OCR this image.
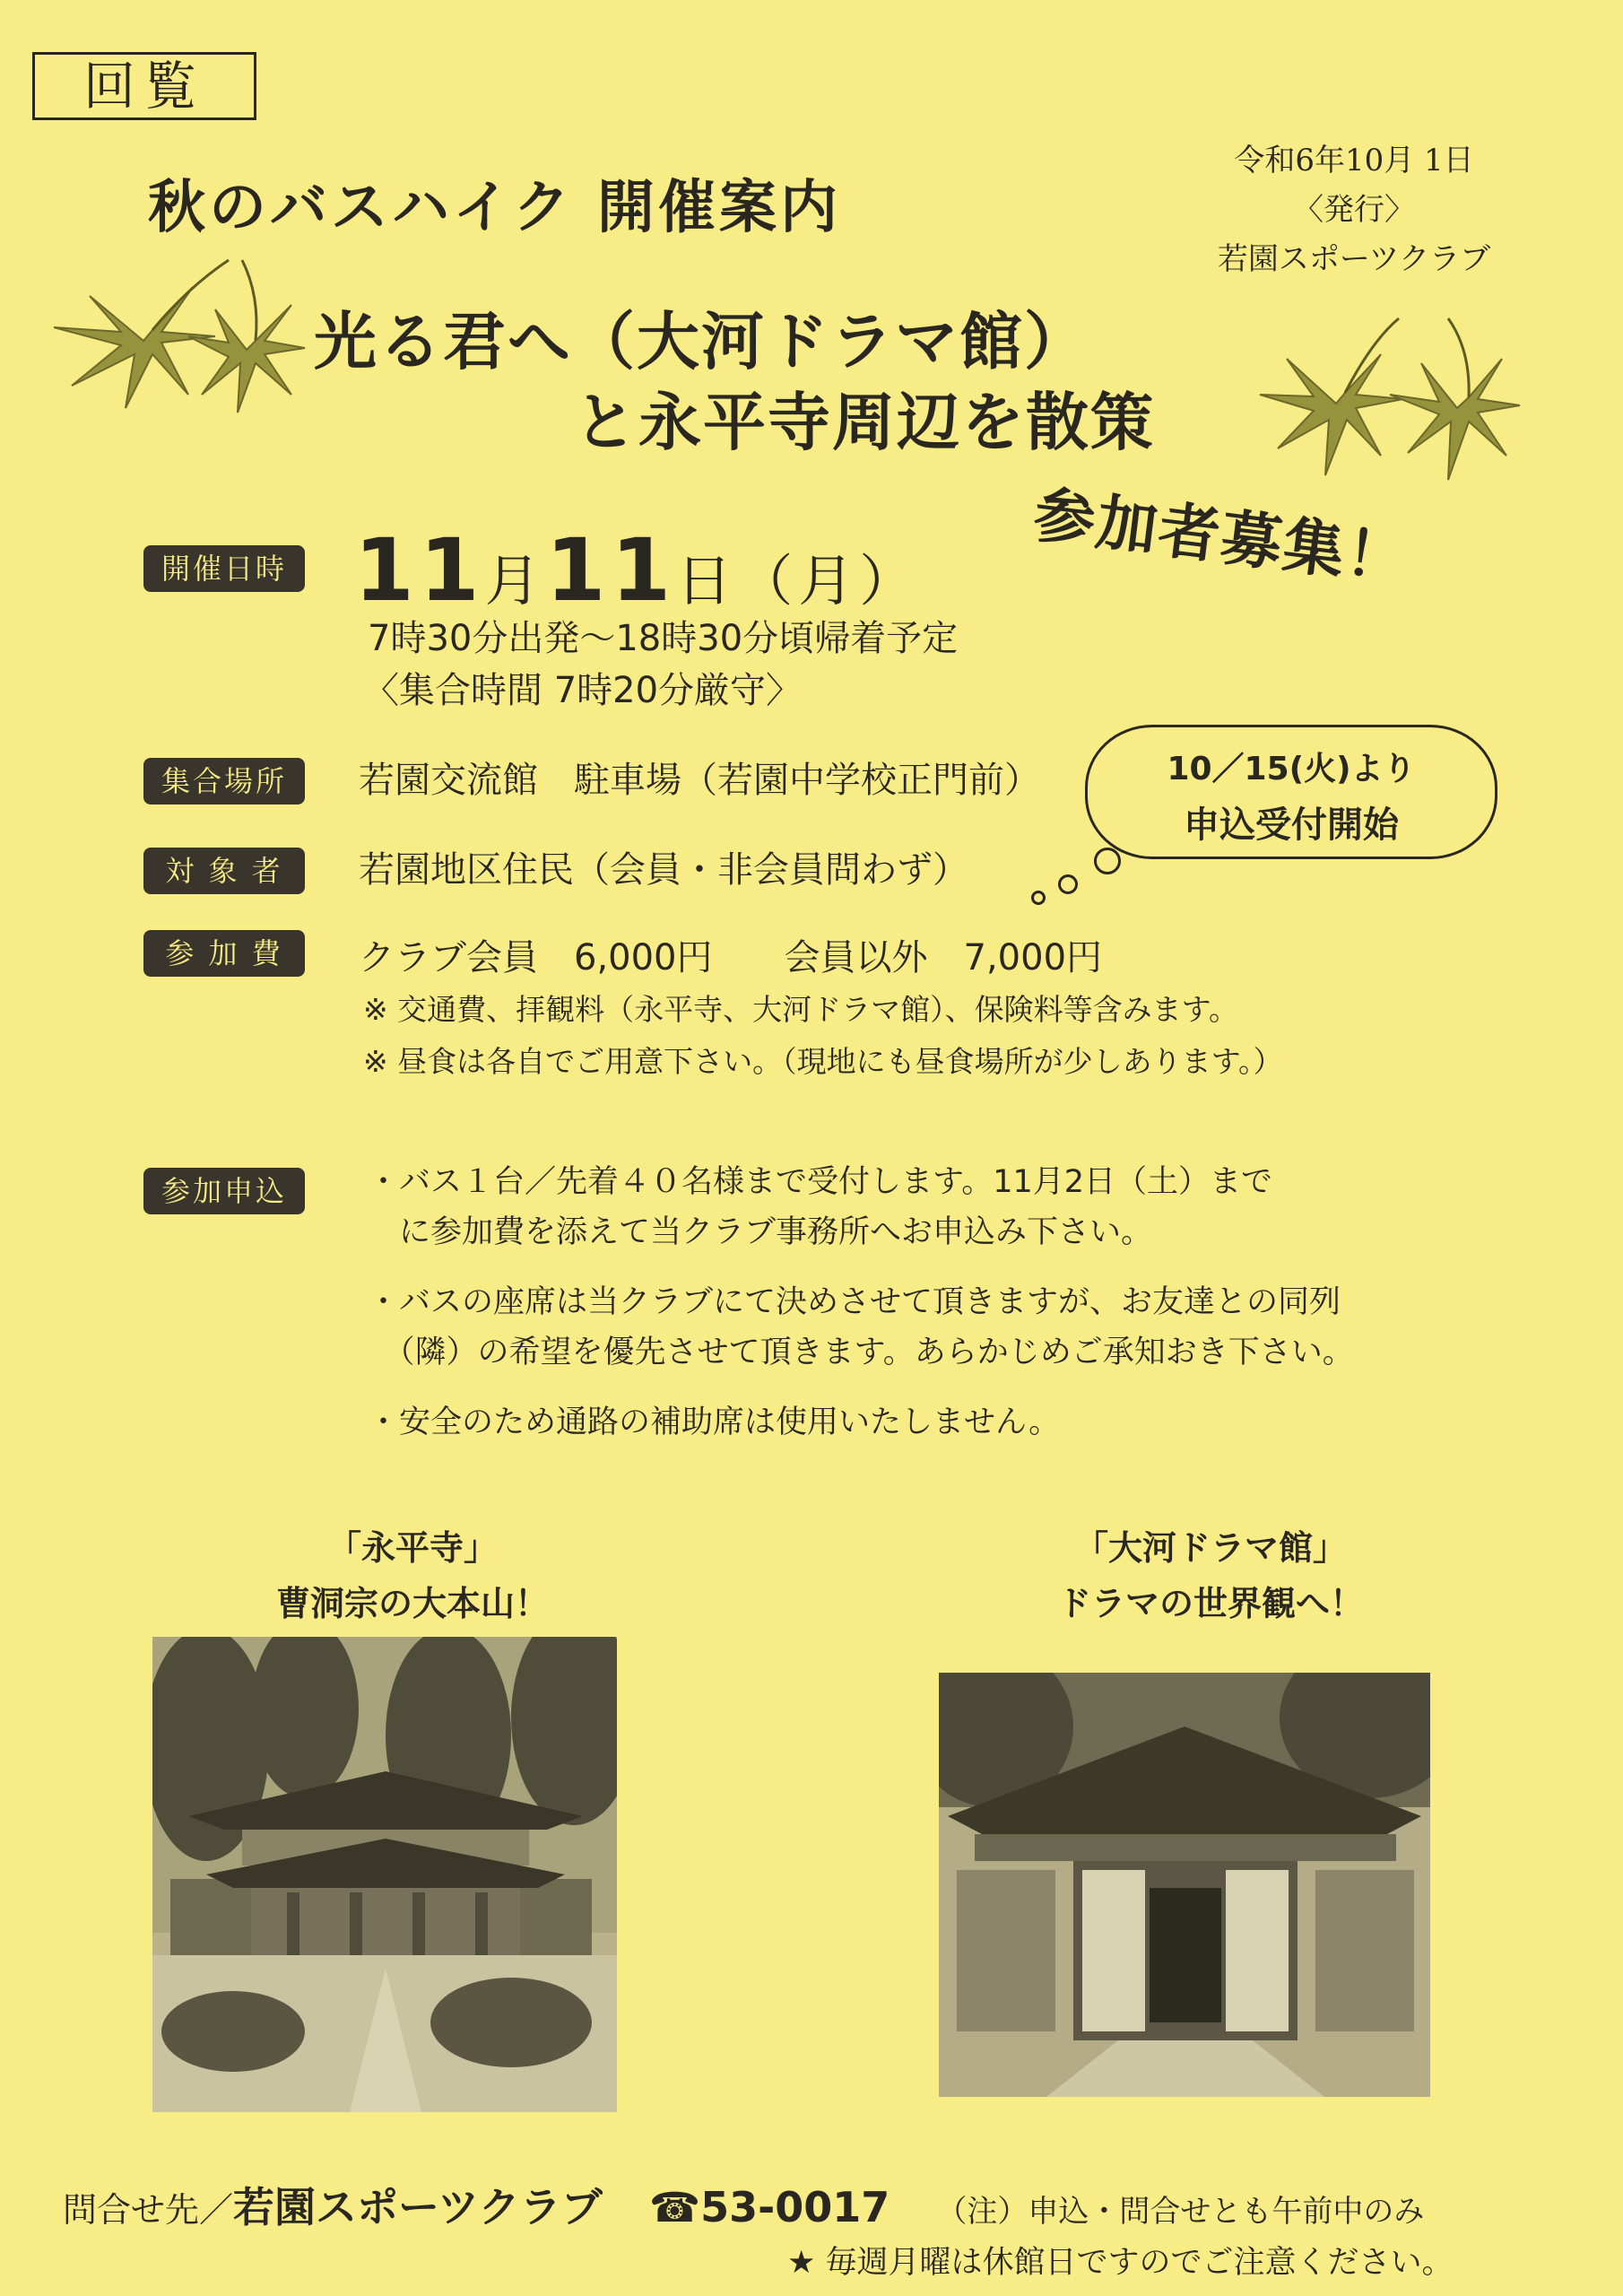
回覧
令和6年10月 1日
〈発行〉
若園スポーツクラブ
秋のバスハイク 開催案内
光る君へ（大河ドラマ館）
と永平寺周辺を散策
参加者募集！
開催日時 11月11日（月）
7時30分出発～18時30分頃帰着予定
〈集合時間 7時20分厳守〉
集合場所	若園交流館　駐車場（若園中学校正門前）	10／15(火)より
申込受付開始
対 象 者	若園地区住民（会員・非会員問わず）
参 加 費	クラブ会員　6,000円　　会員以外　7,000円
※ 交通費、拝観料（永平寺、大河ドラマ館）、保険料等含みます。
※ 昼食は各自でご用意下さい。（現地にも昼食場所が少しあります。）
参加申込	・バス１台／先着４０名様まで受付します。11月2日（土）まで
　に参加費を添えて当クラブ事務所へお申込み下さい。
・バスの座席は当クラブにて決めさせて頂きますが、お友達との同列
　（隣）の希望を優先させて頂きます。あらかじめご承知おき下さい。
・安全のため通路の補助席は使用いたしません。
「永平寺」
曹洞宗の大本山！
「大河ドラマ館」
ドラマの世界観へ！
問合せ先／若園スポーツクラブ ☎53-0017 （注）申込・問合せとも午前中のみ
★ 毎週月曜は休館日ですのでご注意ください。
